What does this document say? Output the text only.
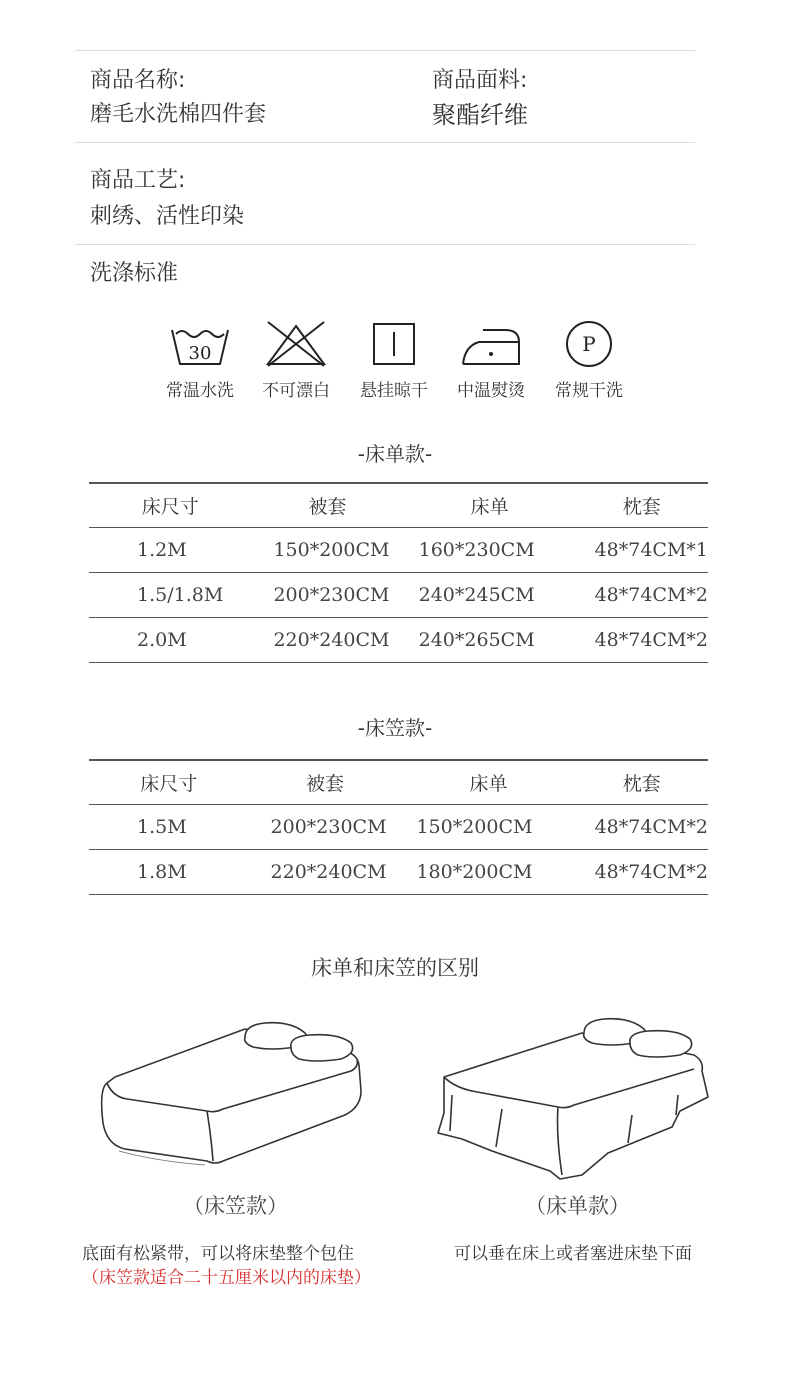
商品名称:
磨毛水洗棉四件套
商品面料:
聚酯纤维
商品工艺:
刺绣、活性印染
洗涤标准
30
常温水洗	不可漂白	悬挂晾干	中温熨烫
P
常规干洗
-床单款-
床尺寸	被套	床单	枕套
1.2M	150*200CM	160*230CM	48*74CM*1
1.5/1.8M	200*230CM	240*245CM	48*74CM*2
2.0M	220*240CM	240*265CM	48*74CM*2
-床笠款-
床尺寸	被套	床单	枕套
1.5M	200*230CM	150*200CM	48*74CM*2
1.8M	220*240CM	180*200CM	48*74CM*2
床单和床笠的区别
（床笠款）	（床单款）
底面有松紧带，可以将床垫整个包住
（床笠款适合二十五厘米以内的床垫）
可以垂在床上或者塞进床垫下面
